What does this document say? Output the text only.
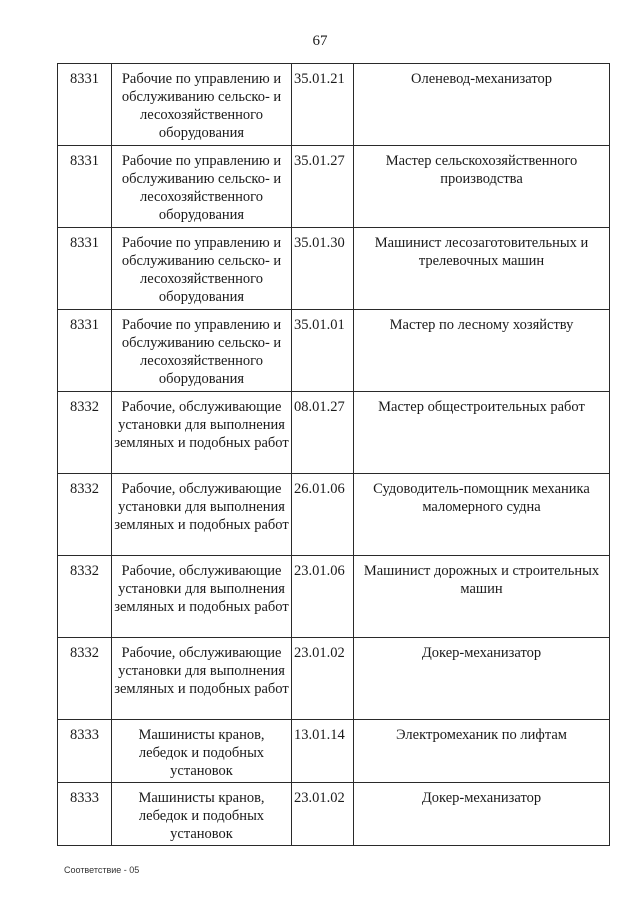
67
8331	Рабочие по управлению и обслуживанию сельско- и лесохозяйственного оборудования	35.01.21	Оленевод-механизатор
8331	Рабочие по управлению и обслуживанию сельско- и лесохозяйственного оборудования	35.01.27	Мастер сельскохозяйственного производства
8331	Рабочие по управлению и обслуживанию сельско- и лесохозяйственного оборудования	35.01.30	Машинист лесозаготовительных и трелевочных машин
8331	Рабочие по управлению и обслуживанию сельско- и лесохозяйственного оборудования	35.01.01	Мастер по лесному хозяйству
8332	Рабочие, обслуживающие установки для выполнения земляных и подобных работ	08.01.27	Мастер общестроительных работ
8332	Рабочие, обслуживающие установки для выполнения земляных и подобных работ	26.01.06	Судоводитель-помощник механика маломерного судна
8332	Рабочие, обслуживающие установки для выполнения земляных и подобных работ	23.01.06	Машинист дорожных и строительных машин
8332	Рабочие, обслуживающие установки для выполнения земляных и подобных работ	23.01.02	Докер-механизатор
8333	Машинисты кранов, лебедок и подобных установок	13.01.14	Электромеханик по лифтам
8333	Машинисты кранов, лебедок и подобных установок	23.01.02	Докер-механизатор
Соответствие - 05
